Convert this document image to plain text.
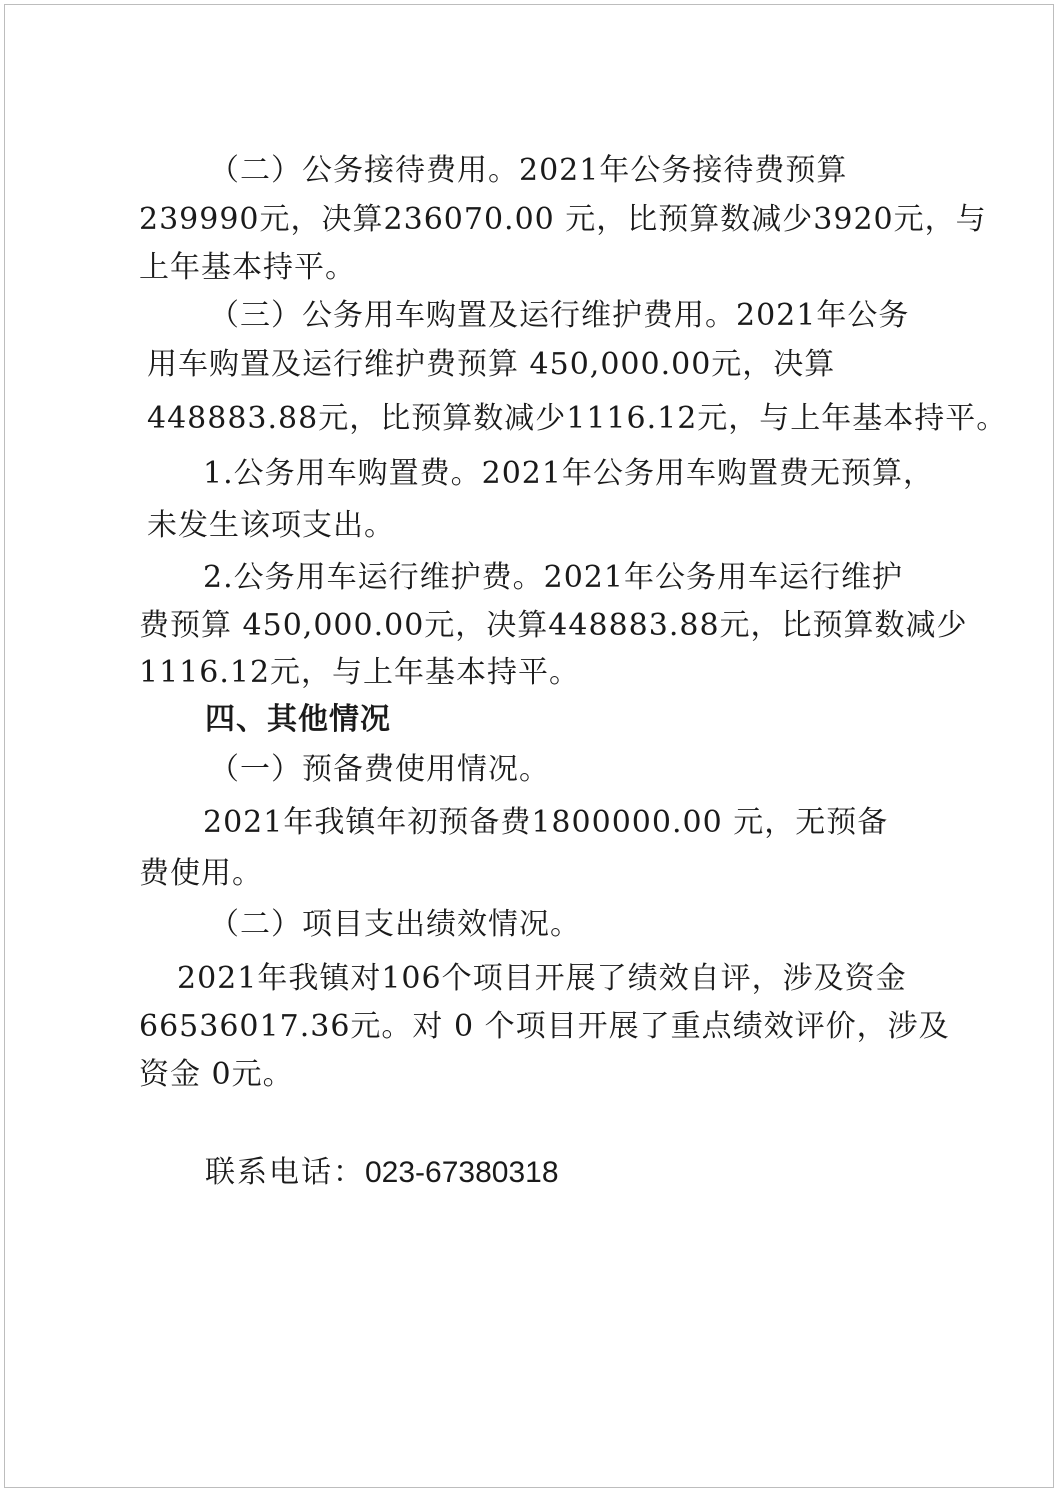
（二）公务接待费用。2021年公务接待费预算
239990元，决算236070.00 元，比预算数减少3920元，与
上年基本持平。
（三）公务用车购置及运行维护费用。2021年公务
用车购置及运行维护费预算 450,000.00元，决算
448883.88元，比预算数减少1116.12元，与上年基本持平。
1.公务用车购置费。2021年公务用车购置费无预算，
未发生该项支出。
2.公务用车运行维护费。2021年公务用车运行维护
费预算 450,000.00元，决算448883.88元，比预算数减少
1116.12元，与上年基本持平。
四、其他情况
（一）预备费使用情况。
2021年我镇年初预备费1800000.00 元，无预备
费使用。
（二）项目支出绩效情况。
2021年我镇对106个项目开展了绩效自评，涉及资金
66536017.36元。对 0 个项目开展了重点绩效评价，涉及
资金 0元。
联系电话：023-67380318
